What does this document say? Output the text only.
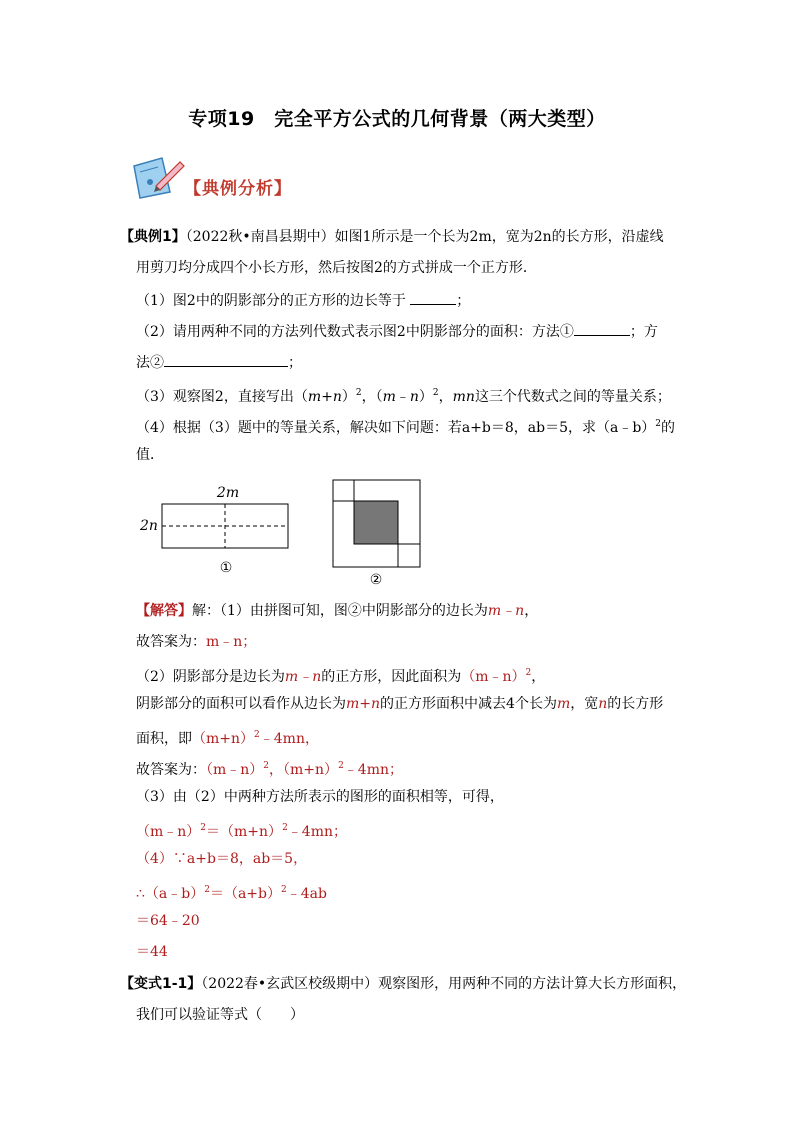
专项19　完全平方公式的几何背景（两大类型）
【典例分析】
【典例1】（2022秋•南昌县期中）如图1所示是一个长为2m，宽为2n的长方形，沿虚线
用剪刀均分成四个小长方形，然后按图2的方式拼成一个正方形．
（1）图2中的阴影部分的正方形的边长等于	；
（2）请用两种不同的方法列代数式表示图2中阴影部分的面积：方法①	；方
法②	；
（3）观察图2，直接写出$(m+n)^2$，（m﹣n）$^2$，mn这三个代数式之间的等量关系；
（4）根据（3）题中的等量关系，解决如下问题：若a+b＝8，ab＝5，求（a﹣b）$^2$的
值．
2m
2n
①
②
【解答】解：（1）由拼图可知，图②中阴影部分的边长为m﹣n，
故答案为：m﹣n；
（2）阴影部分是边长为m﹣n的正方形，因此面积为（m﹣n）$^2$，
阴影部分的面积可以看作从边长为m+n的正方形面积中减去4个长为m，宽n的长方形
面积，即$(m+n)^2﹣4mn$，
故答案为：（m﹣n）$^2$，$(m+n)^2﹣4mn$；
（3）由（2）中两种方法所表示的图形的面积相等，可得，
$(m﹣n)^2=(m+n)^2﹣4mn$；
（4）∵a+b＝8，ab＝5，
$\therefore(a﹣b)^2=(a+b)^2﹣4ab$
＝64﹣20
＝44
【变式1-1】（2022春•玄武区校级期中）观察图形，用两种不同的方法计算大长方形面积，
我们可以验证等式（　　）
